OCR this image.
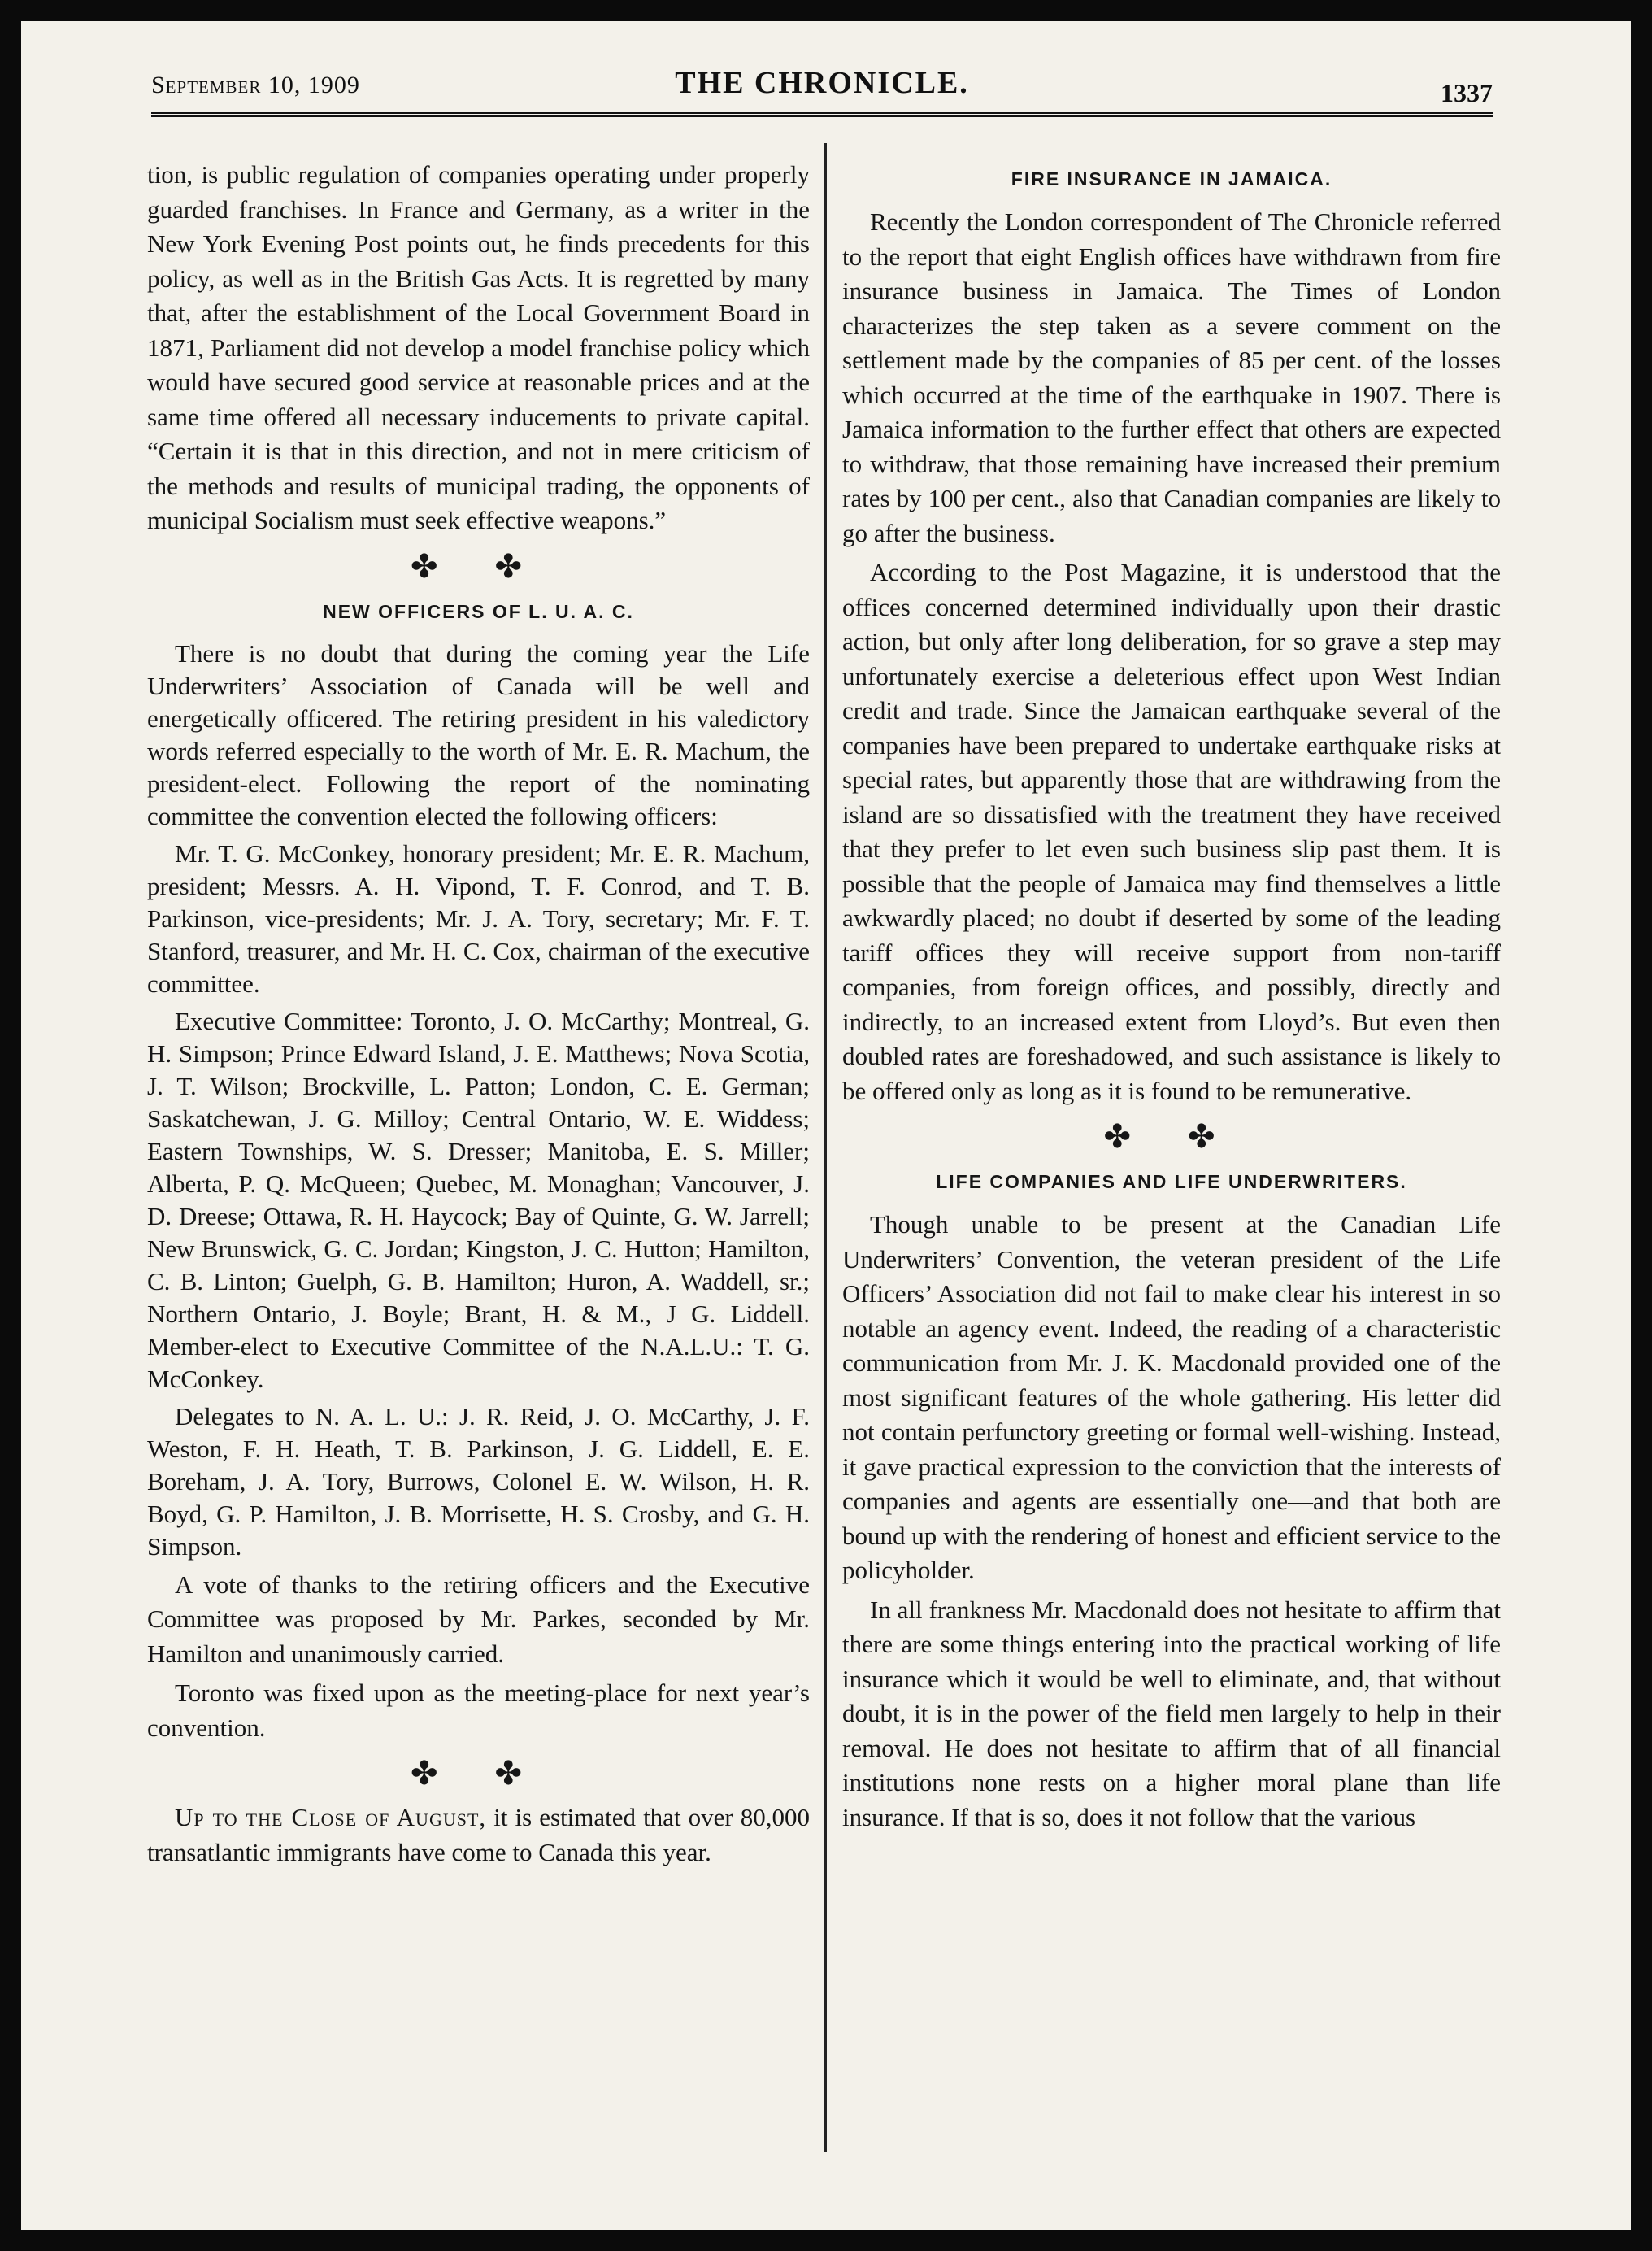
September 10, 1909	THE CHRONICLE.	1337

tion, is public regulation of companies operating under properly guarded franchises. In France and Germany, as a writer in the New York Evening Post points out, he finds precedents for this policy, as well as in the British Gas Acts. It is regretted by many that, after the establishment of the Local Government Board in 1871, Parliament did not develop a model franchise policy which would have secured good service at reasonable prices and at the same time offered all necessary inducements to private capital. “Certain it is that in this direction, and not in mere criticism of the methods and results of municipal trading, the opponents of municipal Socialism must seek effective weapons.”

✤ ✤
NEW OFFICERS OF L. U. A. C.

There is no doubt that during the coming year the Life Underwriters’ Association of Canada will be well and energetically officered. The retiring president in his valedictory words referred especially to the worth of Mr. E. R. Machum, the president-elect. Following the report of the nominating committee the convention elected the following officers:

Mr. T. G. McConkey, honorary president; Mr. E. R. Machum, president; Messrs. A. H. Vipond, T. F. Conrod, and T. B. Parkinson, vice-presidents; Mr. J. A. Tory, secretary; Mr. F. T. Stanford, treasurer, and Mr. H. C. Cox, chairman of the executive committee.

Executive Committee: Toronto, J. O. McCarthy; Montreal, G. H. Simpson; Prince Edward Island, J. E. Matthews; Nova Scotia, J. T. Wilson; Brockville, L. Patton; London, C. E. German; Saskatchewan, J. G. Milloy; Central Ontario, W. E. Widdess; Eastern Townships, W. S. Dresser; Manitoba, E. S. Miller; Alberta, P. Q. McQueen; Quebec, M. Monaghan; Vancouver, J. D. Dreese; Ottawa, R. H. Haycock; Bay of Quinte, G. W. Jarrell; New Brunswick, G. C. Jordan; Kingston, J. C. Hutton; Hamilton, C. B. Linton; Guelph, G. B. Hamilton; Huron, A. Waddell, sr.; Northern Ontario, J. Boyle; Brant, H. & M., J G. Liddell. Member-elect to Executive Committee of the N.A.L.U.: T. G. McConkey.

Delegates to N. A. L. U.: J. R. Reid, J. O. McCarthy, J. F. Weston, F. H. Heath, T. B. Parkinson, J. G. Liddell, E. E. Boreham, J. A. Tory, Burrows, Colonel E. W. Wilson, H. R. Boyd, G. P. Hamilton, J. B. Morrisette, H. S. Crosby, and G. H. Simpson.

A vote of thanks to the retiring officers and the Executive Committee was proposed by Mr. Parkes, seconded by Mr. Hamilton and unanimously carried.

Toronto was fixed upon as the meeting-place for next year’s convention.

✤ ✤

Up to the Close of August, it is estimated that over 80,000 transatlantic immigrants have come to Canada this year.

FIRE INSURANCE IN JAMAICA.

Recently the London correspondent of The Chronicle referred to the report that eight English offices have withdrawn from fire insurance business in Jamaica. The Times of London characterizes the step taken as a severe comment on the settlement made by the companies of 85 per cent. of the losses which occurred at the time of the earthquake in 1907. There is Jamaica information to the further effect that others are expected to withdraw, that those remaining have increased their premium rates by 100 per cent., also that Canadian companies are likely to go after the business.

According to the Post Magazine, it is understood that the offices concerned determined individually upon their drastic action, but only after long deliberation, for so grave a step may unfortunately exercise a deleterious effect upon West Indian credit and trade. Since the Jamaican earthquake several of the companies have been prepared to undertake earthquake risks at special rates, but apparently those that are withdrawing from the island are so dissatisfied with the treatment they have received that they prefer to let even such business slip past them. It is possible that the people of Jamaica may find themselves a little awkwardly placed; no doubt if deserted by some of the leading tariff offices they will receive support from non-tariff companies, from foreign offices, and possibly, directly and indirectly, to an increased extent from Lloyd’s. But even then doubled rates are foreshadowed, and such assistance is likely to be offered only as long as it is found to be remunerative.

✤ ✤
LIFE COMPANIES AND LIFE UNDERWRITERS.

Though unable to be present at the Canadian Life Underwriters’ Convention, the veteran president of the Life Officers’ Association did not fail to make clear his interest in so notable an agency event. Indeed, the reading of a characteristic communication from Mr. J. K. Macdonald provided one of the most significant features of the whole gathering. His letter did not contain perfunctory greeting or formal well-wishing. Instead, it gave practical expression to the conviction that the interests of companies and agents are essentially one—and that both are bound up with the rendering of honest and efficient service to the policyholder.

In all frankness Mr. Macdonald does not hesitate to affirm that there are some things entering into the practical working of life insurance which it would be well to eliminate, and, that without doubt, it is in the power of the field men largely to help in their removal. He does not hesitate to affirm that of all financial institutions none rests on a higher moral plane than life insurance. If that is so, does it not follow that the various
